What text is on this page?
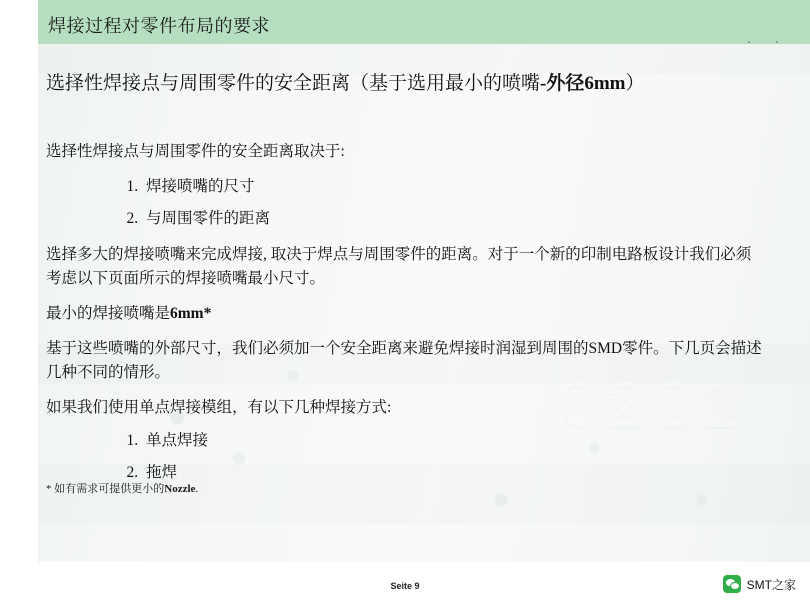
焊接过程对零件布局的要求
选择性焊接点与周围零件的安全距离（基于选用最小的喷嘴-外径6mm）

选择性焊接点与周围零件的安全距离取决于:

1. 焊接喷嘴的尺寸
2. 与周围零件的距离

选择多大的焊接喷嘴来完成焊接, 取决于焊点与周围零件的距离。对于一个新的印制电路板设计我们必须考虑以下页面所示的焊接喷嘴最小尺寸。

最小的焊接喷嘴是6mm*

基于这些喷嘴的外部尺寸，我们必须加一个安全距离来避免焊接时润湿到周围的SMD零件。下几页会描述几种不同的情形。

如果我们使用单点焊接模组，有以下几种焊接方式:

1. 单点焊接
2. 拖焊
* 如有需求可提供更小的Nozzle.
Seite 9	SMT之家
